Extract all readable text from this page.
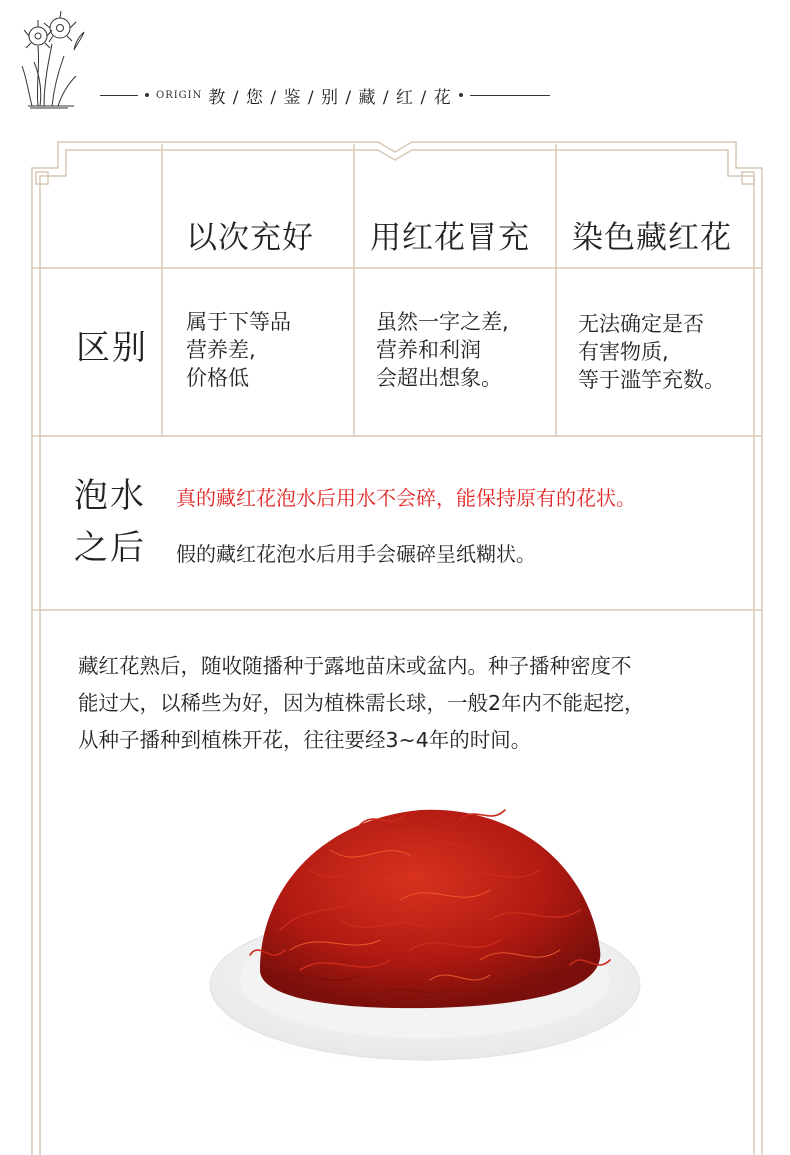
ORIGIN 教 / 您 / 鉴 / 别 / 藏 / 红 / 花
以次充好 用红花冒充 染色藏红花
区别
属于下等品
营养差,
价格低
虽然一字之差,
营养和利润
会超出想象。
无法确定是否
有害物质,
等于滥竽充数。
泡水
之后
真的藏红花泡水后用水不会碎，能保持原有的花状。
假的藏红花泡水后用手会碾碎呈纸糊状。
藏红花熟后，随收随播种于露地苗床或盆内。种子播种密度不
能过大，以稀些为好，因为植株需长球，一般2年内不能起挖，
从种子播种到植株开花，往往要经3~4年的时间。
